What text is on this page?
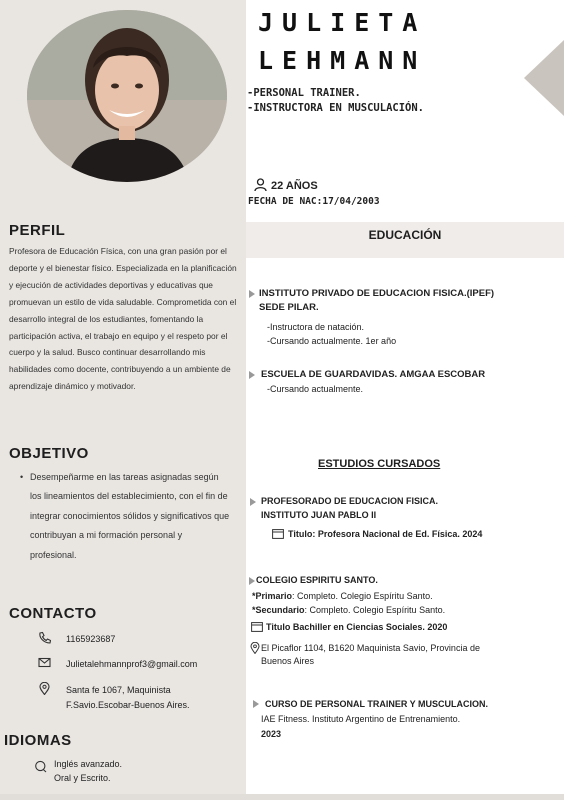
JULIETA
LEHMANN
-PERSONAL TRAINER.
-INSTRUCTORA EN MUSCULACIÓN.
22 AÑOS
FECHA DE NAC:17/04/2003
PERFIL
Profesora de Educación Física, con una gran pasión por el deporte y el bienestar físico. Especializada en la planificación y ejecución de actividades deportivas y educativas que promuevan un estilo de vida saludable. Comprometida con el desarrollo integral de los estudiantes, fomentando la participación activa, el trabajo en equipo y el respeto por el cuerpo y la salud. Busco continuar desarrollando mis habilidades como docente, contribuyendo a un ambiente de aprendizaje dinámico y motivador.
OBJETIVO
• Desempeñarme en las tareas asignadas según los lineamientos del establecimiento, con el fin de integrar conocimientos sólidos y significativos que contribuyan a mi formación personal y profesional.
CONTACTO
1165923687
Julietalehmannprof3@gmail.com
Santa fe 1067, Maquinista
F.Savio.Escobar-Buenos Aires.
IDIOMAS
Inglés avanzado.
Oral y Escrito.
EDUCACIÓN
INSTITUTO PRIVADO DE EDUCACION FISICA.(IPEF)
SEDE PILAR.
-Instructora de natación.
-Cursando actualmente. 1er año
ESCUELA DE GUARDAVIDAS. AMGAA ESCOBAR
-Cursando actualmente.
ESTUDIOS CURSADOS
PROFESORADO DE EDUCACION FISICA.
INSTITUTO JUAN PABLO II
Titulo: Profesora Nacional de Ed. Física. 2024
COLEGIO ESPIRITU SANTO.
*Primario: Completo. Colegio Espíritu Santo.
*Secundario: Completo. Colegio Espíritu Santo.
Titulo Bachiller en Ciencias Sociales. 2020
El Picaflor 1104, B1620 Maquinista Savio, Provincia de
Buenos Aires
CURSO DE PERSONAL TRAINER Y MUSCULACION.
IAE Fitness. Instituto Argentino de Entrenamiento.
2023
